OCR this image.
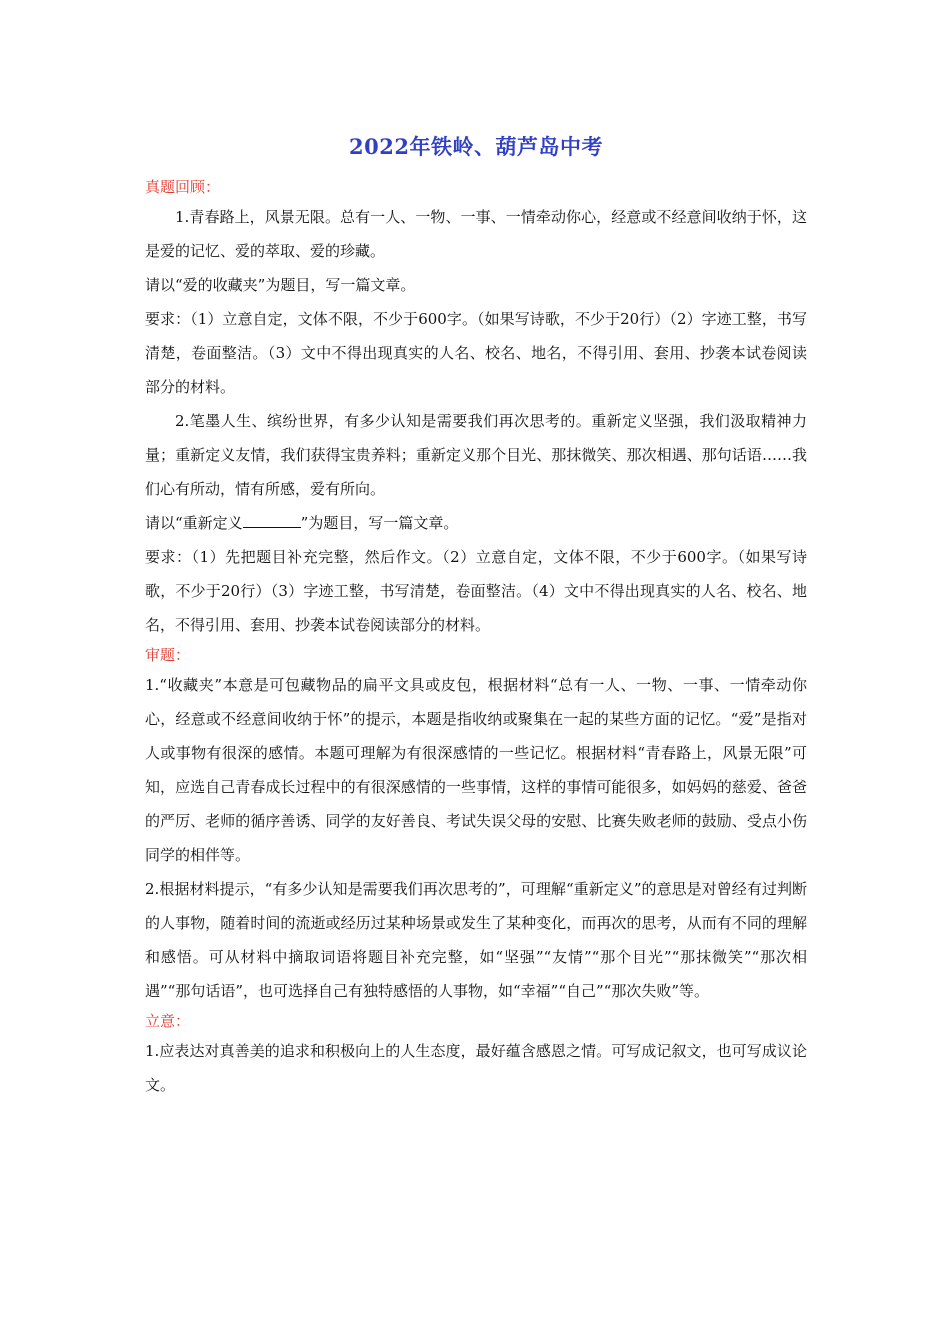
2022年铁岭、葫芦岛中考
真题回顾：

1.青春路上，风景无限。总有一人、一物、一事、一情牵动你心，经意或不经意间收纳于怀，这是爱的记忆、爱的萃取、爱的珍藏。

请以“爱的收藏夹”为题目，写一篇文章。

要求：（1）立意自定，文体不限，不少于600字。（如果写诗歌，不少于20行）（2）字迹工整，书写清楚，卷面整洁。（3）文中不得出现真实的人名、校名、地名，不得引用、套用、抄袭本试卷阅读部分的材料。

2.笔墨人生、缤纷世界，有多少认知是需要我们再次思考的。重新定义坚强，我们汲取精神力量；重新定义友情，我们获得宝贵养料；重新定义那个目光、那抹微笑、那次相遇、那句话语……我们心有所动，情有所感，爱有所向。

请以“重新定义	”为题目，写一篇文章。

要求：（1）先把题目补充完整，然后作文。（2）立意自定，文体不限，不少于600字。（如果写诗歌，不少于20行）（3）字迹工整，书写清楚，卷面整洁。（4）文中不得出现真实的人名、校名、地名，不得引用、套用、抄袭本试卷阅读部分的材料。

审题：

1.“收藏夹”本意是可包藏物品的扁平文具或皮包，根据材料“总有一人、一物、一事、一情牵动你心，经意或不经意间收纳于怀”的提示，本题是指收纳或聚集在一起的某些方面的记忆。“爱”是指对人或事物有很深的感情。本题可理解为有很深感情的一些记忆。根据材料“青春路上，风景无限”可知，应选自己青春成长过程中的有很深感情的一些事情，这样的事情可能很多，如妈妈的慈爱、爸爸的严厉、老师的循序善诱、同学的友好善良、考试失误父母的安慰、比赛失败老师的鼓励、受点小伤同学的相伴等。

2.根据材料提示，“有多少认知是需要我们再次思考的”，可理解“重新定义”的意思是对曾经有过判断的人事物，随着时间的流逝或经历过某种场景或发生了某种变化，而再次的思考，从而有不同的理解和感悟。可从材料中摘取词语将题目补充完整，如“坚强”“友情”“那个目光”“那抹微笑”“那次相遇”“那句话语”，也可选择自己有独特感悟的人事物，如“幸福”“自己”“那次失败”等。

立意：

1.应表达对真善美的追求和积极向上的人生态度，最好蕴含感恩之情。可写成记叙文，也可写成议论文。
